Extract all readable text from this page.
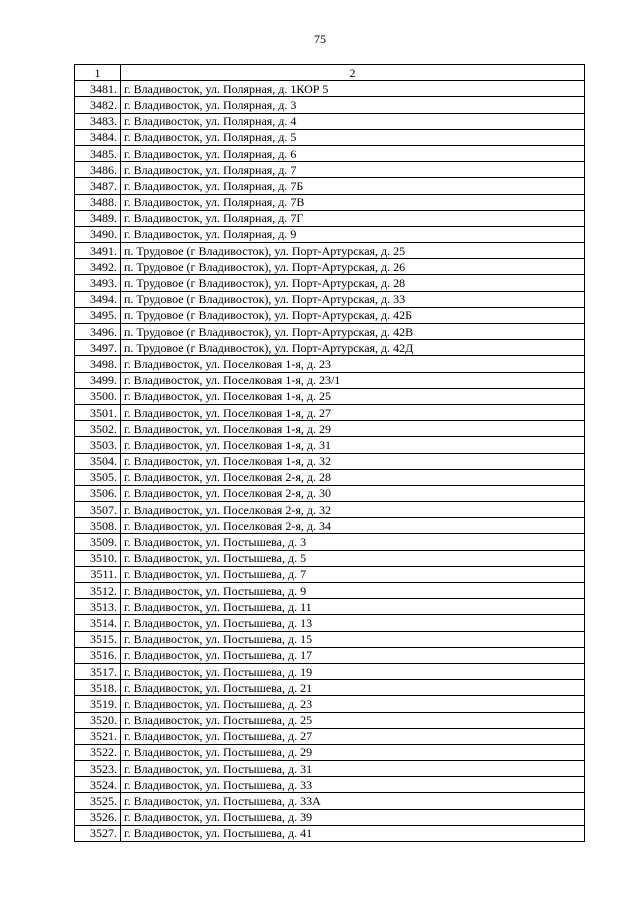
75
1	2
3481.	г. Владивосток, ул. Полярная, д. 1КОР 5
3482.	г. Владивосток, ул. Полярная, д. 3
3483.	г. Владивосток, ул. Полярная, д. 4
3484.	г. Владивосток, ул. Полярная, д. 5
3485.	г. Владивосток, ул. Полярная, д. 6
3486.	г. Владивосток, ул. Полярная, д. 7
3487.	г. Владивосток, ул. Полярная, д. 7Б
3488.	г. Владивосток, ул. Полярная, д. 7В
3489.	г. Владивосток, ул. Полярная, д. 7Г
3490.	г. Владивосток, ул. Полярная, д. 9
3491.	п. Трудовое (г Владивосток), ул. Порт-Артурская, д. 25
3492.	п. Трудовое (г Владивосток), ул. Порт-Артурская, д. 26
3493.	п. Трудовое (г Владивосток), ул. Порт-Артурская, д. 28
3494.	п. Трудовое (г Владивосток), ул. Порт-Артурская, д. 33
3495.	п. Трудовое (г Владивосток), ул. Порт-Артурская, д. 42Б
3496.	п. Трудовое (г Владивосток), ул. Порт-Артурская, д. 42В
3497.	п. Трудовое (г Владивосток), ул. Порт-Артурская, д. 42Д
3498.	г. Владивосток, ул. Поселковая 1-я, д. 23
3499.	г. Владивосток, ул. Поселковая 1-я, д. 23/1
3500.	г. Владивосток, ул. Поселковая 1-я, д. 25
3501.	г. Владивосток, ул. Поселковая 1-я, д. 27
3502.	г. Владивосток, ул. Поселковая 1-я, д. 29
3503.	г. Владивосток, ул. Поселковая 1-я, д. 31
3504.	г. Владивосток, ул. Поселковая 1-я, д. 32
3505.	г. Владивосток, ул. Поселковая 2-я, д. 28
3506.	г. Владивосток, ул. Поселковая 2-я, д. 30
3507.	г. Владивосток, ул. Поселковая 2-я, д. 32
3508.	г. Владивосток, ул. Поселковая 2-я, д. 34
3509.	г. Владивосток, ул. Постышева, д. 3
3510.	г. Владивосток, ул. Постышева, д. 5
3511.	г. Владивосток, ул. Постышева, д. 7
3512.	г. Владивосток, ул. Постышева, д. 9
3513.	г. Владивосток, ул. Постышева, д. 11
3514.	г. Владивосток, ул. Постышева, д. 13
3515.	г. Владивосток, ул. Постышева, д. 15
3516.	г. Владивосток, ул. Постышева, д. 17
3517.	г. Владивосток, ул. Постышева, д. 19
3518.	г. Владивосток, ул. Постышева, д. 21
3519.	г. Владивосток, ул. Постышева, д. 23
3520.	г. Владивосток, ул. Постышева, д. 25
3521.	г. Владивосток, ул. Постышева, д. 27
3522.	г. Владивосток, ул. Постышева, д. 29
3523.	г. Владивосток, ул. Постышева, д. 31
3524.	г. Владивосток, ул. Постышева, д. 33
3525.	г. Владивосток, ул. Постышева, д. 33А
3526.	г. Владивосток, ул. Постышева, д. 39
3527.	г. Владивосток, ул. Постышева, д. 41
